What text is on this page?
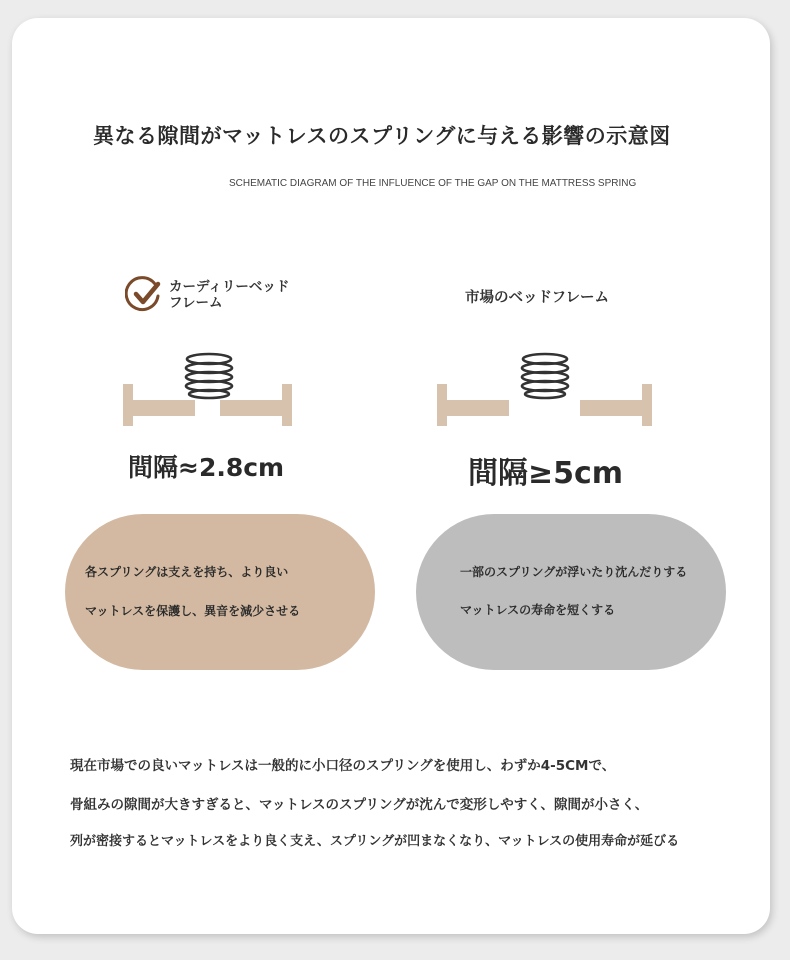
異なる隙間がマットレスのスプリングに与える影響の示意図
SCHEMATIC DIAGRAM OF THE INFLUENCE OF THE GAP ON THE MATTRESS SPRING
カーディリーベッド
フレーム	市場のベッドフレーム
間隔≈2.8cm	間隔≥5cm
各スプリングは支えを持ち、より良い
マットレスを保護し、異音を減少させる
一部のスプリングが浮いたり沈んだりする
マットレスの寿命を短くする
現在市場での良いマットレスは一般的に小口径のスプリングを使用し、わずか4-5CMで、
骨組みの隙間が大きすぎると、マットレスのスプリングが沈んで変形しやすく、隙間が小さく、
列が密接するとマットレスをより良く支え、スプリングが凹まなくなり、マットレスの使用寿命が延びる
